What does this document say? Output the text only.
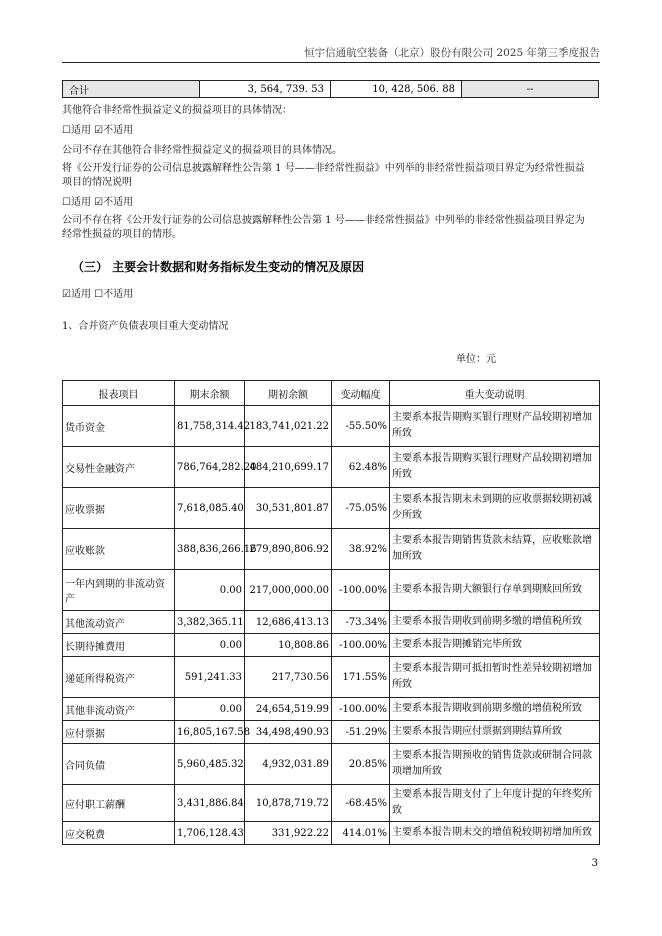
恒宇信通航空装备（北京）股份有限公司 2025 年第三季度报告
合计	3, 564, 739. 53	10, 428, 506. 88	--
其他符合非经常性损益定义的损益项目的具体情况：
☐适用 ☑不适用
公司不存在其他符合非经常性损益定义的损益项目的具体情况。
将《公开发行证券的公司信息披露解释性公告第 1 号——非经常性损益》中列举的非经常性损益项目界定为经常性损益
项目的情况说明
☐适用 ☑不适用
公司不存在将《公开发行证券的公司信息披露解释性公告第 1 号——非经常性损益》中列举的非经常性损益项目界定为
经常性损益的项目的情形。
（三） 主要会计数据和财务指标发生变动的情况及原因
☑适用 ☐不适用
1、合并资产负债表项目重大变动情况
单位：元
报表项目	期末余额	期初余额	变动幅度	重大变动说明
货币资金	81,758,314.42	183,741,021.22	-55.50%	主要系本报告期购买银行理财产品较期初增加所致
交易性金融资产	786,764,282.20	484,210,699.17	62.48%	主要系本报告期购买银行理财产品较期初增加所致
应收票据	7,618,085.40	30,531,801.87	-75.05%	主要系本报告期末未到期的应收票据较期初减少所致
应收账款	388,836,266.16	279,890,806.92	38.92%	主要系本报告期销售货款未结算，应收账款增加所致
一年内到期的非流动资产	0.00	217,000,000.00	-100.00%	主要系本报告期大额银行存单到期赎回所致
其他流动资产	3,382,365.11	12,686,413.13	-73.34%	主要系本报告期收到前期多缴的增值税所致
长期待摊费用	0.00	10,808.86	-100.00%	主要系本报告期摊销完毕所致
递延所得税资产	591,241.33	217,730.56	171.55%	主要系本报告期可抵扣暂时性差异较期初增加所致
其他非流动资产	0.00	24,654,519.99	-100.00%	主要系本报告期收到前期多缴的增值税所致
应付票据	16,805,167.58	34,498,490.93	-51.29%	主要系本报告期应付票据到期结算所致
合同负债	5,960,485.32	4,932,031.89	20.85%	主要系本报告期预收的销售货款或研制合同款项增加所致
应付职工薪酬	3,431,886.84	10,878,719.72	-68.45%	主要系本报告期支付了上年度计提的年终奖所致
应交税费	1,706,128.43	331,922.22	414.01%	主要系本报告期未交的增值税较期初增加所致
3
